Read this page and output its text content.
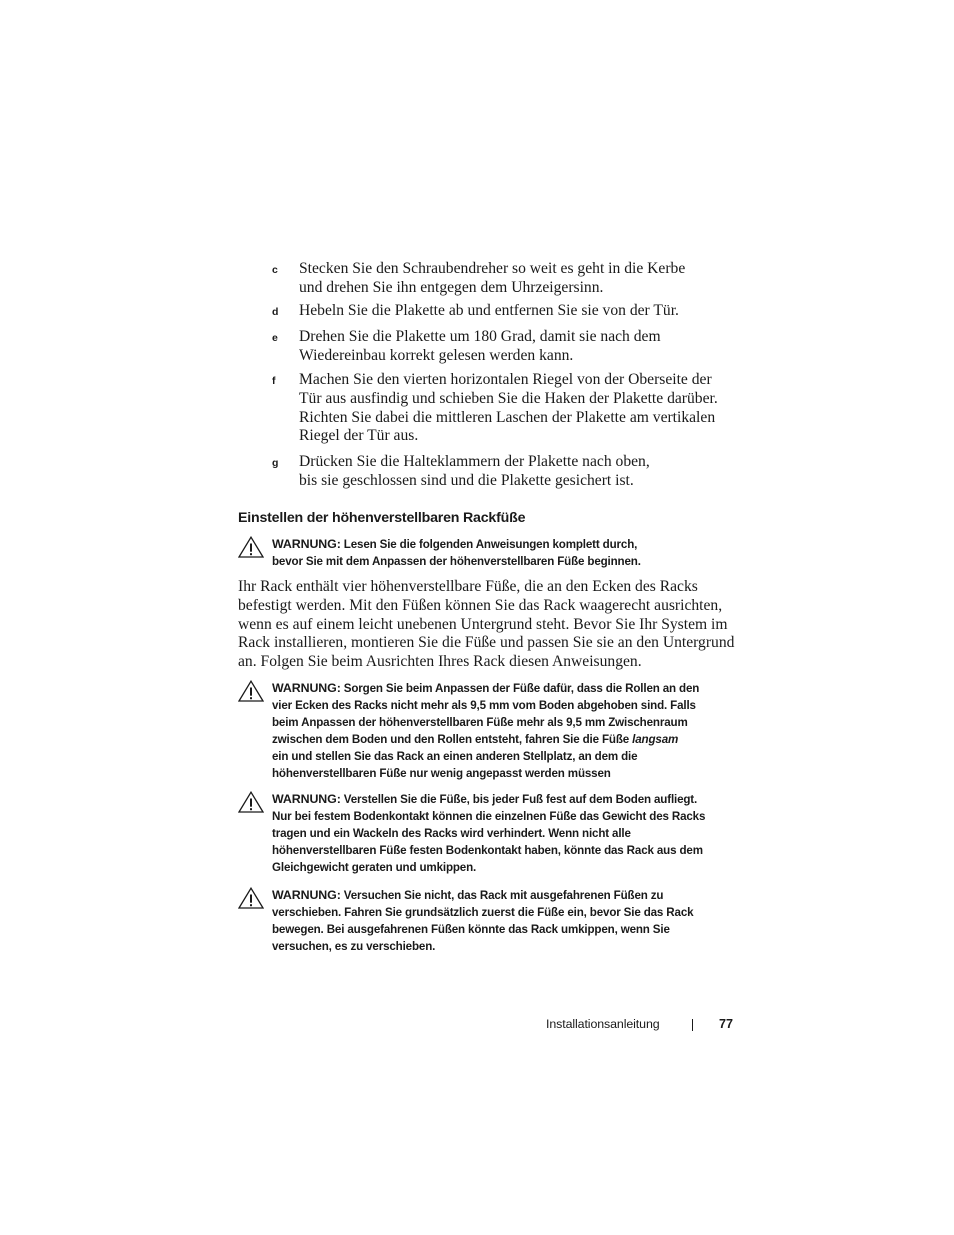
c	Stecken Sie den Schraubendreher so weit es geht in die Kerbe
und drehen Sie ihn entgegen dem Uhrzeigersinn.
d	Hebeln Sie die Plakette ab und entfernen Sie sie von der Tür.
e	Drehen Sie die Plakette um 180 Grad, damit sie nach dem
Wiedereinbau korrekt gelesen werden kann.
f	Machen Sie den vierten horizontalen Riegel von der Oberseite der
Tür aus ausfindig und schieben Sie die Haken der Plakette darüber.
Richten Sie dabei die mittleren Laschen der Plakette am vertikalen
Riegel der Tür aus.
g	Drücken Sie die Halteklammern der Plakette nach oben,
bis sie geschlossen sind und die Plakette gesichert ist.
Einstellen der höhenverstellbaren Rackfüße
WARNUNG: Lesen Sie die folgenden Anweisungen komplett durch,
bevor Sie mit dem Anpassen der höhenverstellbaren Füße beginnen.
Ihr Rack enthält vier höhenverstellbare Füße, die an den Ecken des Racks
befestigt werden. Mit den Füßen können Sie das Rack waagerecht ausrichten,
wenn es auf einem leicht unebenen Untergrund steht. Bevor Sie Ihr System im
Rack installieren, montieren Sie die Füße und passen Sie sie an den Untergrund
an. Folgen Sie beim Ausrichten Ihres Rack diesen Anweisungen.
WARNUNG: Sorgen Sie beim Anpassen der Füße dafür, dass die Rollen an den
vier Ecken des Racks nicht mehr als 9,5 mm vom Boden abgehoben sind. Falls
beim Anpassen der höhenverstellbaren Füße mehr als 9,5 mm Zwischenraum
zwischen dem Boden und den Rollen entsteht, fahren Sie die Füße langsam
ein und stellen Sie das Rack an einen anderen Stellplatz, an dem die
höhenverstellbaren Füße nur wenig angepasst werden müssen
WARNUNG: Verstellen Sie die Füße, bis jeder Fuß fest auf dem Boden aufliegt.
Nur bei festem Bodenkontakt können die einzelnen Füße das Gewicht des Racks
tragen und ein Wackeln des Racks wird verhindert. Wenn nicht alle
höhenverstellbaren Füße festen Bodenkontakt haben, könnte das Rack aus dem
Gleichgewicht geraten und umkippen.
WARNUNG: Versuchen Sie nicht, das Rack mit ausgefahrenen Füßen zu
verschieben. Fahren Sie grundsätzlich zuerst die Füße ein, bevor Sie das Rack
bewegen. Bei ausgefahrenen Füßen könnte das Rack umkippen, wenn Sie
versuchen, es zu verschieben.
Installationsanleitung	77
